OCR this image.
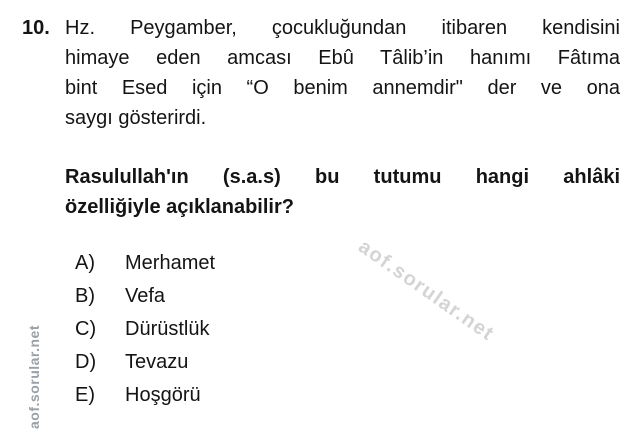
aof.sorular.net
aof.sorular.net
10. Hz. Peygamber, çocukluğundan itibaren kendisini
himaye eden amcası Ebû Tâlib’in hanımı Fâtıma
bint Esed için “O benim annemdir" der ve ona
saygı gösterirdi.
Rasulullah'ın (s.a.s) bu tutumu hangi ahlâki
özelliğiyle açıklanabilir?
A)	Merhamet
B)	Vefa
C)	Dürüstlük
D)	Tevazu
E)	Hoşgörü
